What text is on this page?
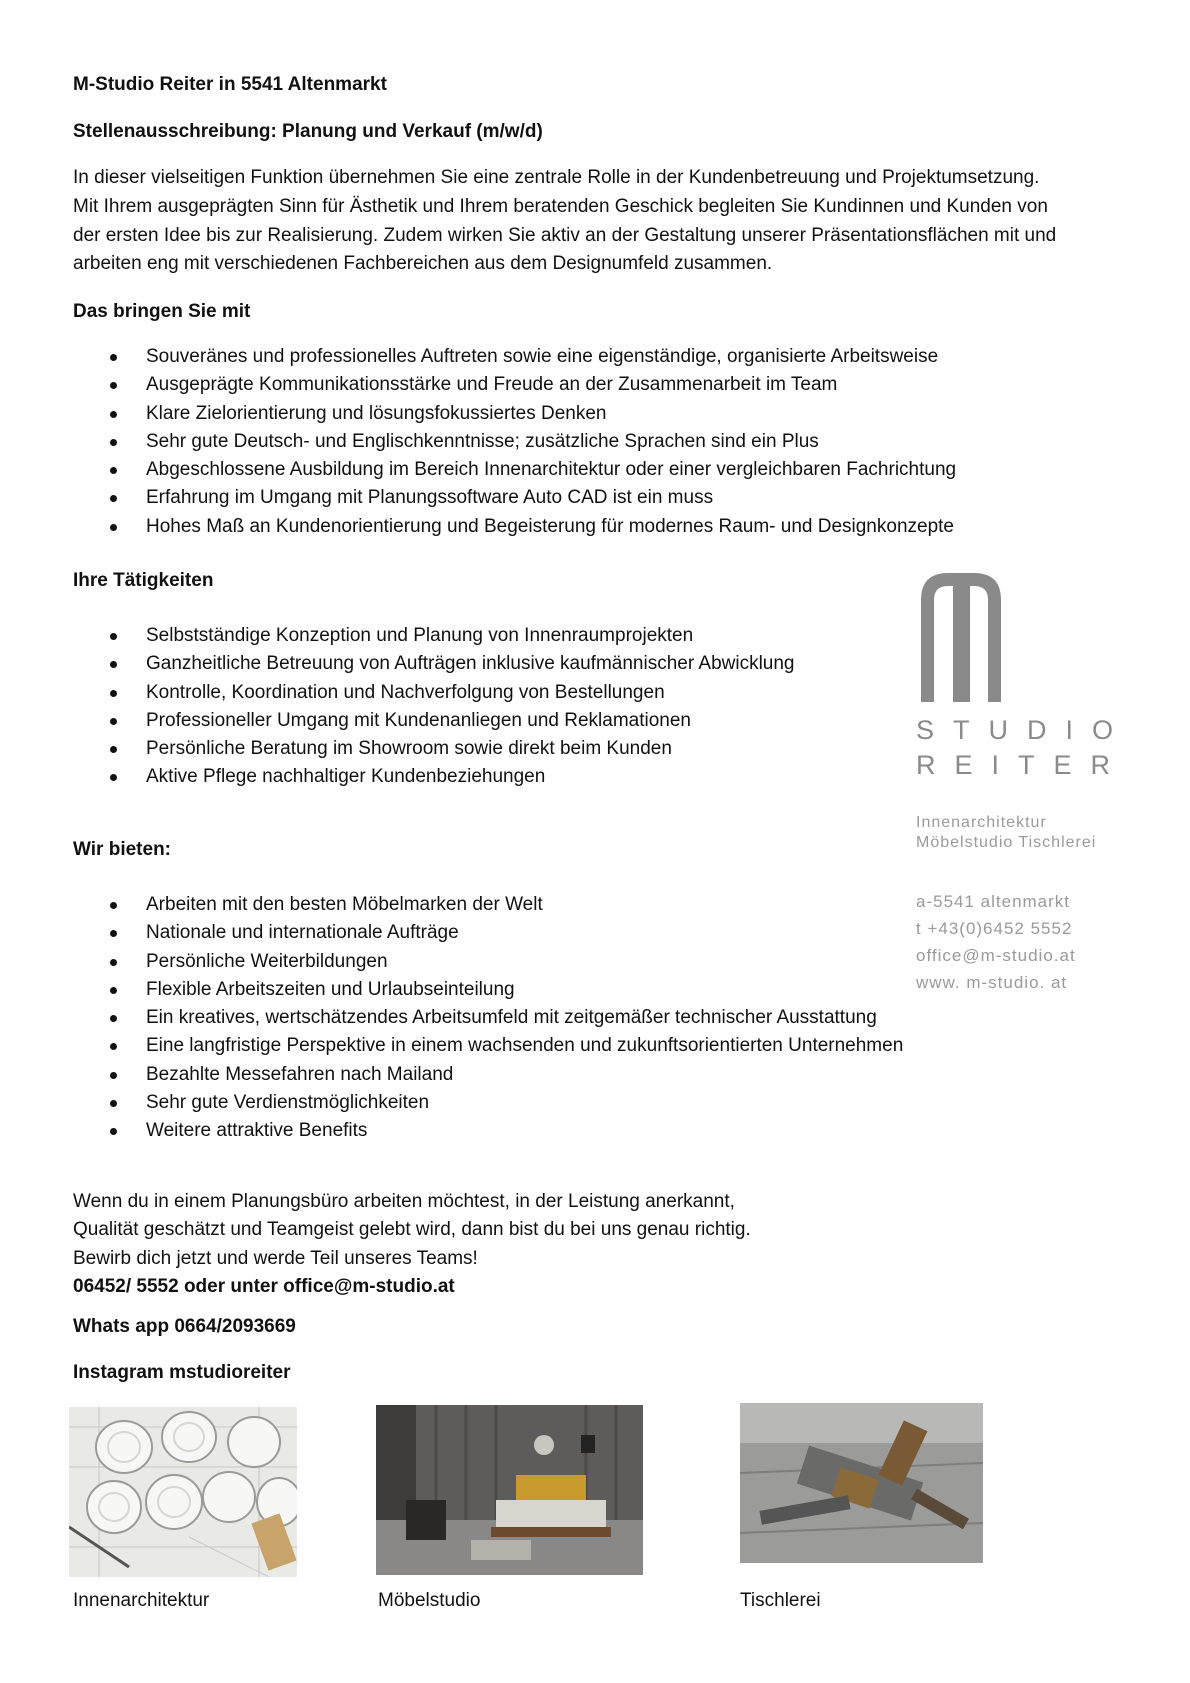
M-Studio Reiter in 5541 Altenmarkt
Stellenausschreibung: Planung und Verkauf (m/w/d)

In dieser vielseitigen Funktion übernehmen Sie eine zentrale Rolle in der Kundenbetreuung und Projektumsetzung.

Mit Ihrem ausgeprägten Sinn für Ästhetik und Ihrem beratenden Geschick begleiten Sie Kundinnen und Kunden von

der ersten Idee bis zur Realisierung. Zudem wirken Sie aktiv an der Gestaltung unserer Präsentationsflächen mit und

arbeiten eng mit verschiedenen Fachbereichen aus dem Designumfeld zusammen.

Das bringen Sie mit
Souveränes und professionelles Auftreten sowie eine eigenständige, organisierte Arbeitsweise
Ausgeprägte Kommunikationsstärke und Freude an der Zusammenarbeit im Team
Klare Zielorientierung und lösungsfokussiertes Denken
Sehr gute Deutsch- und Englischkenntnisse; zusätzliche Sprachen sind ein Plus
Abgeschlossene Ausbildung im Bereich Innenarchitektur oder einer vergleichbaren Fachrichtung
Erfahrung im Umgang mit Planungssoftware Auto CAD ist ein muss
Hohes Maß an Kundenorientierung und Begeisterung für modernes Raum- und Designkonzepte
Ihre Tätigkeiten
Selbstständige Konzeption und Planung von Innenraumprojekten
Ganzheitliche Betreuung von Aufträgen inklusive kaufmännischer Abwicklung
Kontrolle, Koordination und Nachverfolgung von Bestellungen
Professioneller Umgang mit Kundenanliegen und Reklamationen
Persönliche Beratung im Showroom sowie direkt beim Kunden
Aktive Pflege nachhaltiger Kundenbeziehungen
Wir bieten:
Arbeiten mit den besten Möbelmarken der Welt
Nationale und internationale Aufträge
Persönliche Weiterbildungen
Flexible Arbeitszeiten und Urlaubseinteilung
Ein kreatives, wertschätzendes Arbeitsumfeld mit zeitgemäßer technischer Ausstattung
Eine langfristige Perspektive in einem wachsenden und zukunftsorientierten Unternehmen
Bezahlte Messefahren nach Mailand
Sehr gute Verdienstmöglichkeiten
Weitere attraktive Benefits
Wenn du in einem Planungsbüro arbeiten möchtest, in der Leistung anerkannt,
Qualität geschätzt und Teamgeist gelebt wird, dann bist du bei uns genau richtig.
Bewirb dich jetzt und werde Teil unseres Teams!
06452/ 5552 oder unter office@m-studio.at
Whats app 0664/2093669
Instagram mstudioreiter
STUDIO
REITER
Innenarchitektur
Möbelstudio Tischlerei
a-5541 altenmarkt
t +43(0)6452 5552
office@m-studio.at
www. m-studio. at
Innenarchitektur	Möbelstudio	Tischlerei
